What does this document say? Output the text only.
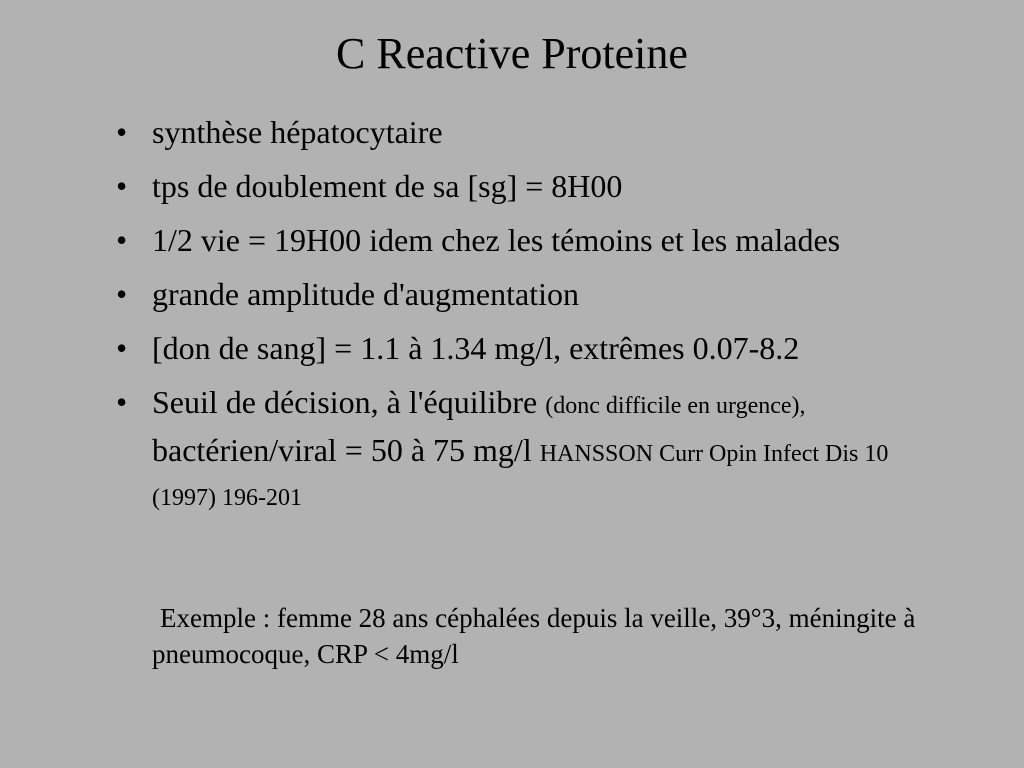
C Reactive Proteine
• synthèse hépatocytaire
• tps de doublement de sa [sg] = 8H00
• 1/2 vie = 19H00 idem chez les témoins et les malades
• grande amplitude d'augmentation
• [don de sang] = 1.1 à 1.34 mg/l, extrêmes 0.07-8.2
• Seuil de décision, à l'équilibre (donc difficile en urgence), bactérien/viral = 50 à 75 mg/l HANSSON Curr Opin Infect Dis 10 (1997) 196-201
Exemple : femme 28 ans céphalées depuis la veille, 39°3, méningite à pneumocoque, CRP < 4mg/l
